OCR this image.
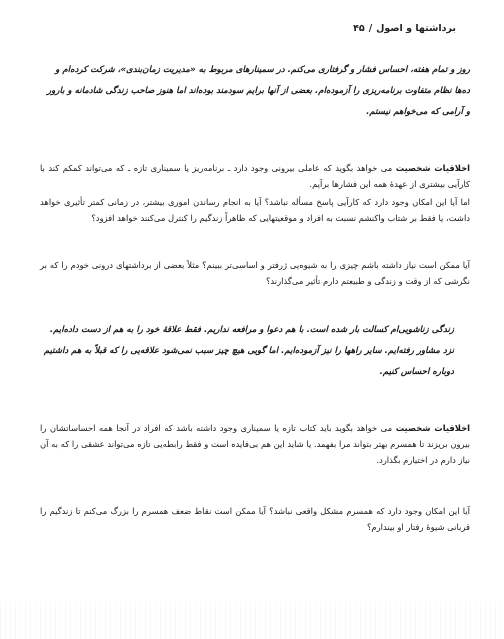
برداشتها و اصول
/
۴۵

روز و تمام هفته، احساس فشار و گرفتاری می‌کنم. در سمینارهای مربوط به «مدیریت زمان‌بندی»، شرکت کرده‌ام و ده‌ها نظام متفاوت برنامه‌ریزی را آزموده‌ام. بعضی از آنها برایم سودمند بوده‌اند اما هنوز صاحب زندگی شادمانه و بارور و آرامی که می‌خواهم نیستم.

اخلاقیات شخصیت می خواهد بگوید که عاملی بیرونی وجود دارد ـ برنامه‌ریز یا سمیناری تازه ـ که می‌تواند کمکم کند با کارآیی بیشتری از عهدهٔ همه این فشارها برآیم.

اما آیا این امکان وجود دارد که کارآیی پاسخ مسأله نباشد؟ آیا به انجام رساندن اموری بیشتر، در زمانی کمتر تأثیری خواهد داشت، یا فقط بر شتاب واکنشم نسبت به افراد و موقعیتهایی که ظاهراً زندگیم را کنترل می‌کنند خواهد افزود؟

آیا ممکن است نیاز داشته باشم چیزی را به شیوه‌یی ژرفتر و اساسی‌تر ببینم؟ مثلاً بعضی از برداشتهای درونی خودم را که بر نگرشی که از وقت و زندگی و طبیعتم دارم تأثیر می‌گذارند؟

زندگی زناشویی‌ام کسالت بار شده است. با هم دعوا و مرافعه نداریم. فقط علاقهٔ خود را به هم از دست داده‌ایم. نزد مشاور رفته‌ایم. سایر راهها را نیز آزموده‌ایم. اما گویی هیچ چیز سبب نمی‌شود علاقه‌یی را که قبلاً به هم داشتیم دوباره احساس کنیم.

اخلاقیات شخصیت می خواهد بگوید باید کتاب تازه یا سمیناری وجود داشته باشد که افراد در آنجا همه احساساتشان را بیرون بریزند تا همسرم بهتر بتواند مرا بفهمد. یا شاید این هم بی‌فایده است و فقط رابطه‌یی تازه می‌تواند عشقی را که به آن نیاز دارم در اختیارم بگذارد.

آیا این امکان وجود دارد که همسرم مشکل واقعی نباشد؟ آیا ممکن است نقاط ضعف همسرم را بزرگ می‌کنم تا زندگیم را قربانی شیوهٔ رفتار او بیندارم؟
